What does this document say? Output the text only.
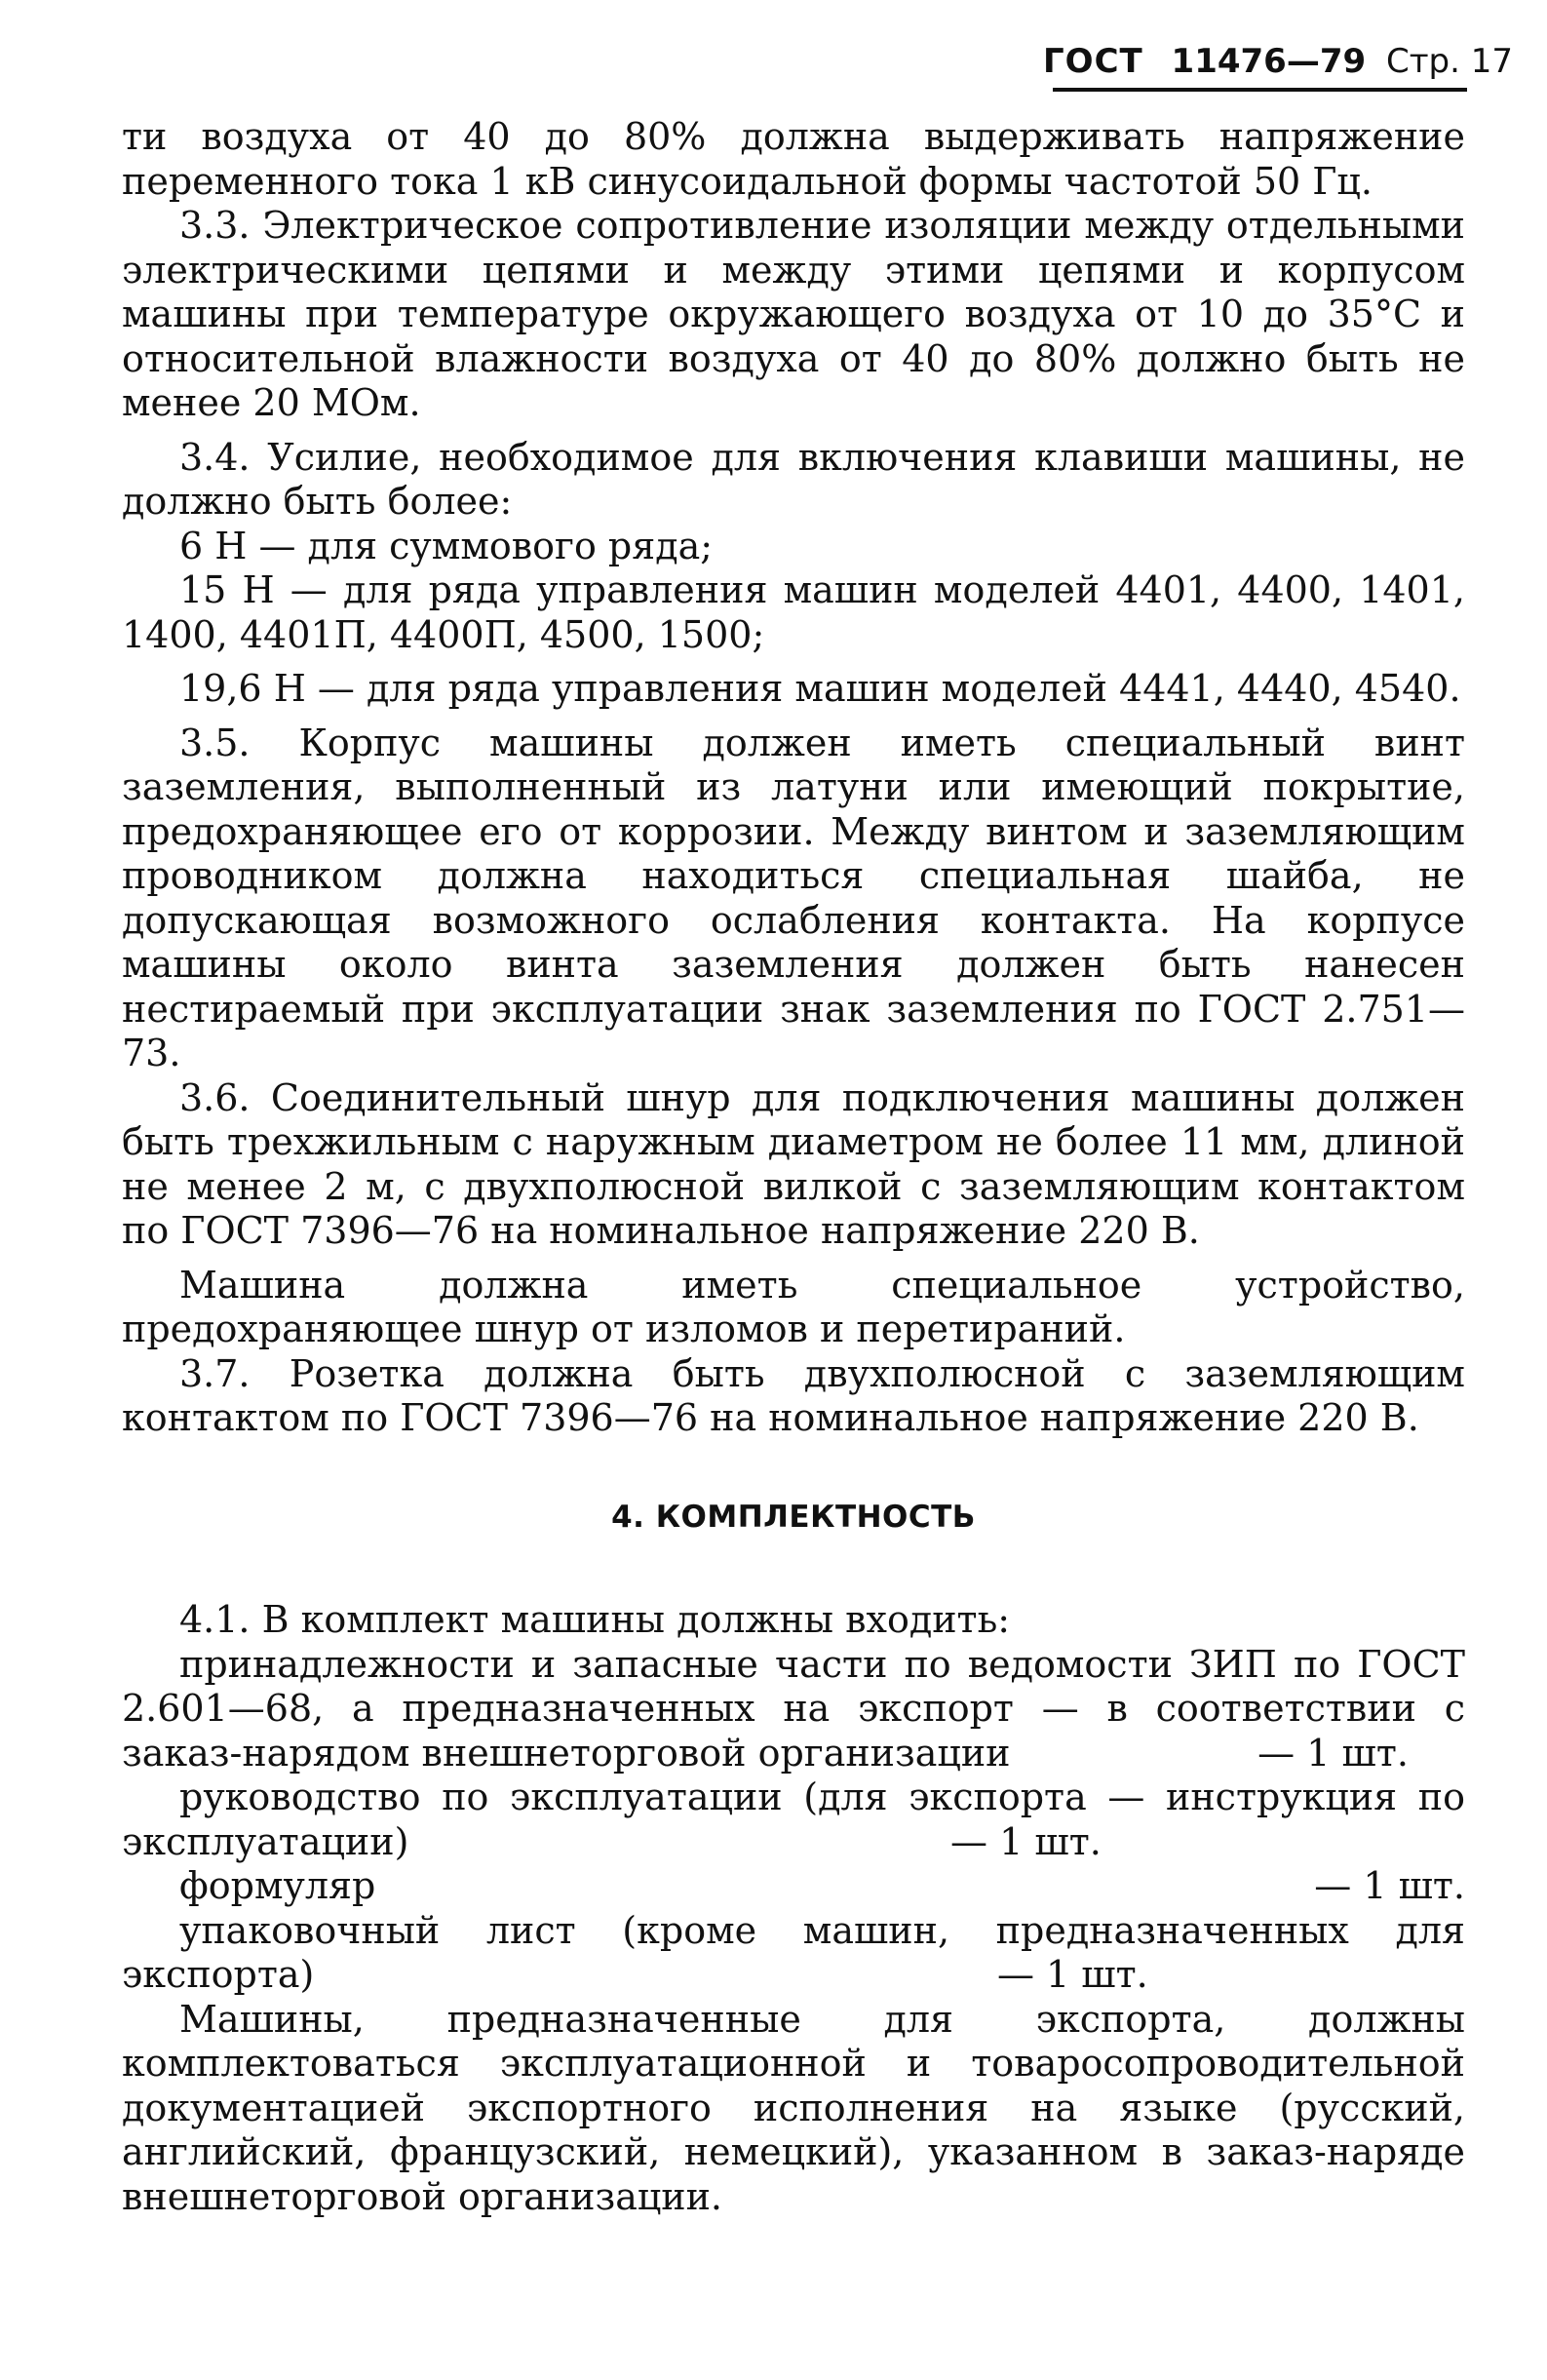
ГОСТ 11476—79 Стр. 17

ти воздуха от 40 до 80% должна выдерживать напряжение переменного тока 1 кВ синусоидальной формы частотой 50 Гц.

3.3. Электрическое сопротивление изоляции между отдельными электрическими цепями и между этими цепями и корпусом машины при температуре окружающего воздуха от 10 до 35°С и относительной влажности воздуха от 40 до 80% должно быть не менее 20 МОм.

3.4. Усилие, необходимое для включения клавиши машины, не должно быть более:

6 Н — для суммового ряда;

15 Н — для ряда управления машин моделей 4401, 4400, 1401, 1400, 4401П, 4400П, 4500, 1500;

19,6 Н — для ряда управления машин моделей 4441, 4440, 4540.

3.5. Корпус машины должен иметь специальный винт заземления, выполненный из латуни или имеющий покрытие, предохраняющее его от коррозии. Между винтом и заземляющим проводником должна находиться специальная шайба, не допускающая возможного ослабления контакта. На корпусе машины около винта заземления должен быть нанесен нестираемый при эксплуатации знак заземления по ГОСТ 2.751—73.

3.6. Соединительный шнур для подключения машины должен быть трехжильным с наружным диаметром не более 11 мм, длиной не менее 2 м, с двухполюсной вилкой с заземляющим контактом по ГОСТ 7396—76 на номинальное напряжение 220 В.

Машина должна иметь специальное устройство, предохраняющее шнур от изломов и перетираний.

3.7. Розетка должна быть двухполюсной с заземляющим контактом по ГОСТ 7396—76 на номинальное напряжение 220 В.

4. КОМПЛЕКТНОСТЬ

4.1. В комплект машины должны входить:

принадлежности и запасные части по ведомости ЗИП по ГОСТ 2.601—68, а предназначенных на экспорт — в соответствии с заказ-нарядом внешнеторговой организации	— 1 шт.

руководство по эксплуатации (для экспорта — инструкция по эксплуатации)	— 1 шт.

формуляр	— 1 шт.

упаковочный лист (кроме машин, предназначенных для экспорта)	— 1 шт.

Машины, предназначенные для экспорта, должны комплектоваться эксплуатационной и товаросопроводительной документацией экспортного исполнения на языке (русский, английский, французский, немецкий), указанном в заказ-наряде внешнеторговой организации.
